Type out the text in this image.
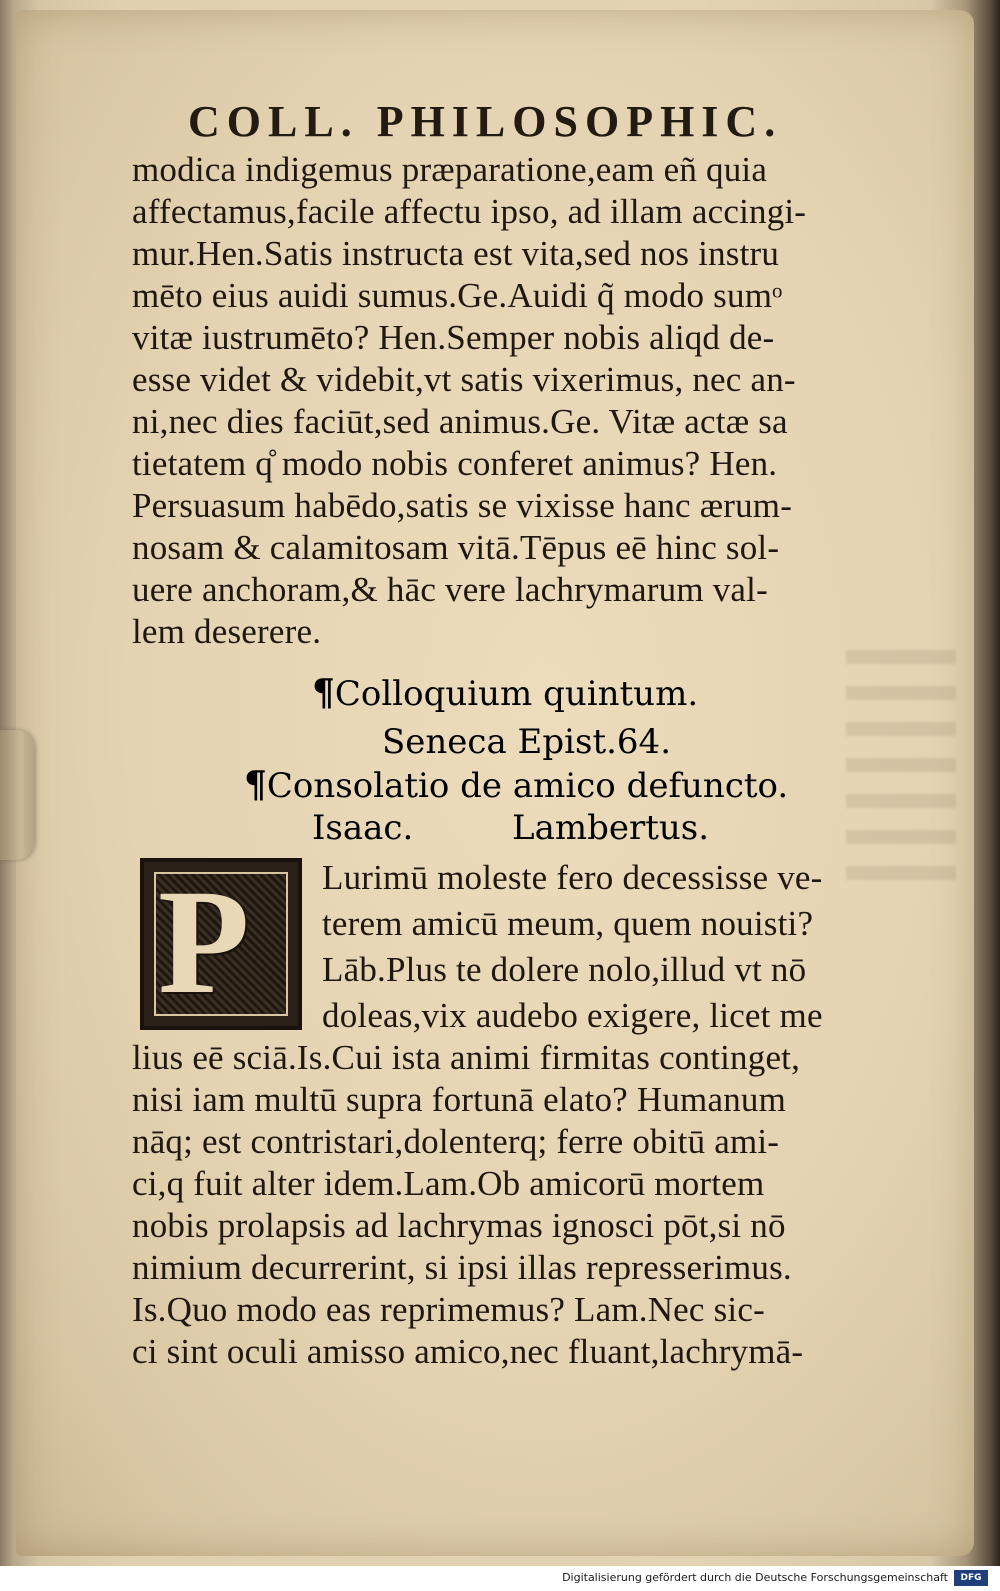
COLL. PHILOSOPHIC.
modica indigemus præparatione,eam eñ quia
affectamus,facile affectu ipso, ad illam accingi-
mur.Hen.Satis instructa est vita,sed nos instru
mēto eius auidi sumus.Ge.Auidi q̃ modo sumᵒ
vitæ iustrumēto? Hen.Semper nobis aliqd de-
esse videt & videbit,vt satis vixerimus, nec an-
ni,nec dies faciūt,sed animus.Ge. Vitæ actæ sa
tietatem q̊ modo nobis conferet animus? Hen.
Persuasum habēdo,satis se vixisse hanc ærum-
nosam & calamitosam vitā.Tēpus eē hinc sol-
uere anchoram,& hāc vere lachrymarum val-
lem deserere.
Lurimū moleste fero decessisse ve-
terem amicū meum, quem nouisti?
Lāb.Plus te dolere nolo,illud vt nō
doleas,vix audebo exigere, licet me
lius eē sciā.Is.Cui ista animi firmitas continget,
nisi iam multū supra fortunā elato? Humanum
nāq; est contristari,dolenterq; ferre obitū ami-
ci,q fuit alter idem.Lam.Ob amicorū mortem
nobis prolapsis ad lachrymas ignosci pōt,si nō
nimium decurrerint, si ipsi illas represserimus.
Is.Quo modo eas reprimemus? Lam.Nec sic-
ci sint oculi amisso amico,nec fluant,lachrymā-
¶Colloquium quintum.
Seneca Epist.64.
¶Consolatio de amico defuncto.
Isaac.	Lambertus.
P
Digitalisierung gefördert durch die Deutsche Forschungsgemeinschaft	DFG
